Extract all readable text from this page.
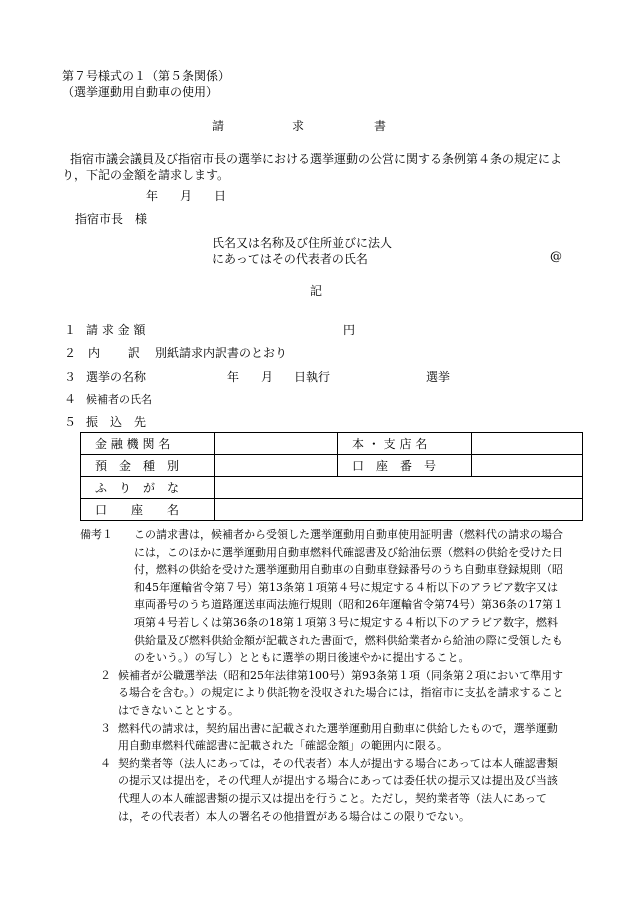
第７号様式の１（第５条関係）
（選挙運動用自動車の使用）
請	求	書
指宿市議会議員及び指宿市長の選挙における選挙運動の公営に関する条例第４条の規定によ
り，下記の金額を請求します。
年 月 日
指宿市長　様
氏名又は名称及び住所並びに法人
にあってはその代表者の氏名	@
記
１ 請 求 金 額	円
２ 内　　 訳 別紙請求内訳書のとおり
３ 選挙の名称	年 月 日執行	選挙
４ 候補者の氏名
５ 振　込　先
金 融 機 関 名		本 ・ 支 店 名	
預　金　種　別		口　座　番　号	
ふ　り　が　な			
口　　座　　名			
備考１	この請求書は，候補者から受領した選挙運動用自動車使用証明書（燃料代の請求の場合には，このほかに選挙運動用自動車燃料代確認書及び給油伝票（燃料の供給を受けた日付，燃料の供給を受けた選挙運動用自動車の自動車登録番号のうち自動車登録規則（昭和45年運輸省令第７号）第13条第１項第４号に規定する４桁以下のアラビア数字又は車両番号のうち道路運送車両法施行規則（昭和26年運輸省令第74号）第36条の17第１項第４号若しくは第36条の18第１項第３号に規定する４桁以下のアラビア数字，燃料供給量及び燃料供給金額が記載された書面で，燃料供給業者から給油の際に受領したものをいう。）の写し）とともに選挙の期日後速やかに提出すること。
２ 候補者が公職選挙法（昭和25年法律第100号）第93条第１項（同条第２項において準用する場合を含む。）の規定により供託物を没収された場合には，指宿市に支払を請求することはできないこととする。
３ 燃料代の請求は，契約届出書に記載された選挙運動用自動車に供給したもので，選挙運動用自動車燃料代確認書に記載された「確認金額」の範囲内に限る。
４ 契約業者等（法人にあっては，その代表者）本人が提出する場合にあっては本人確認書類の提示又は提出を，その代理人が提出する場合にあっては委任状の提示又は提出及び当該代理人の本人確認書類の提示又は提出を行うこと。ただし，契約業者等（法人にあっては，その代表者）本人の署名その他措置がある場合はこの限りでない。
